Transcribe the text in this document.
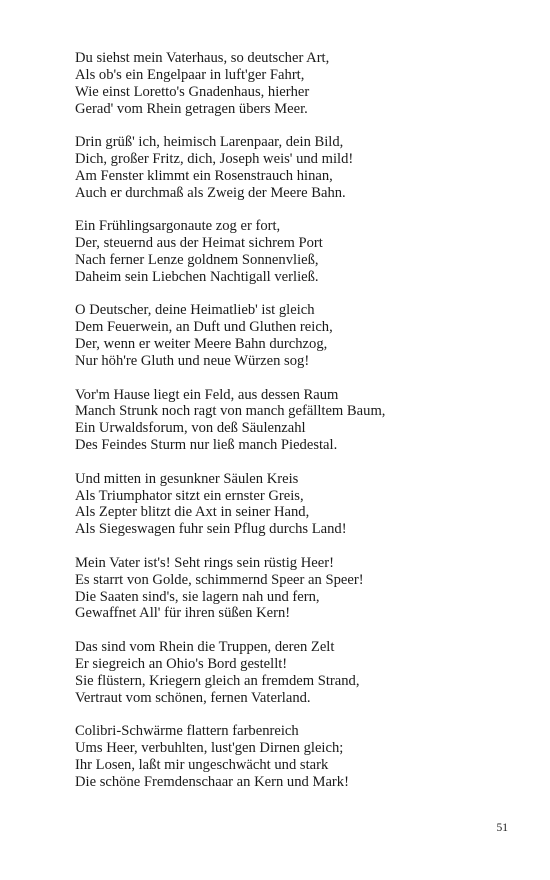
Du siehst mein Vaterhaus, so deutscher Art,
Als ob's ein Engelpaar in luft'ger Fahrt,
Wie einst Loretto's Gnadenhaus, hierher
Gerad' vom Rhein getragen übers Meer.
Drin grüß' ich, heimisch Larenpaar, dein Bild,
Dich, großer Fritz, dich, Joseph weis' und mild!
Am Fenster klimmt ein Rosenstrauch hinan,
Auch er durchmaß als Zweig der Meere Bahn.
Ein Frühlingsargonaute zog er fort,
Der, steuernd aus der Heimat sichrem Port
Nach ferner Lenze goldnem Sonnenvließ,
Daheim sein Liebchen Nachtigall verließ.
O Deutscher, deine Heimatlieb' ist gleich
Dem Feuerwein, an Duft und Gluthen reich,
Der, wenn er weiter Meere Bahn durchzog,
Nur höh're Gluth und neue Würzen sog!
Vor'm Hause liegt ein Feld, aus dessen Raum
Manch Strunk noch ragt von manch gefälltem Baum,
Ein Urwaldsforum, von deß Säulenzahl
Des Feindes Sturm nur ließ manch Piedestal.
Und mitten in gesunkner Säulen Kreis
Als Triumphator sitzt ein ernster Greis,
Als Zepter blitzt die Axt in seiner Hand,
Als Siegeswagen fuhr sein Pflug durchs Land!
Mein Vater ist's! Seht rings sein rüstig Heer!
Es starrt von Golde, schimmernd Speer an Speer!
Die Saaten sind's, sie lagern nah und fern,
Gewaffnet All' für ihren süßen Kern!
Das sind vom Rhein die Truppen, deren Zelt
Er siegreich an Ohio's Bord gestellt!
Sie flüstern, Kriegern gleich an fremdem Strand,
Vertraut vom schönen, fernen Vaterland.
Colibri-Schwärme flattern farbenreich
Ums Heer, verbuhlten, lust'gen Dirnen gleich;
Ihr Losen, laßt mir ungeschwächt und stark
Die schöne Fremdenschaar an Kern und Mark!
51
